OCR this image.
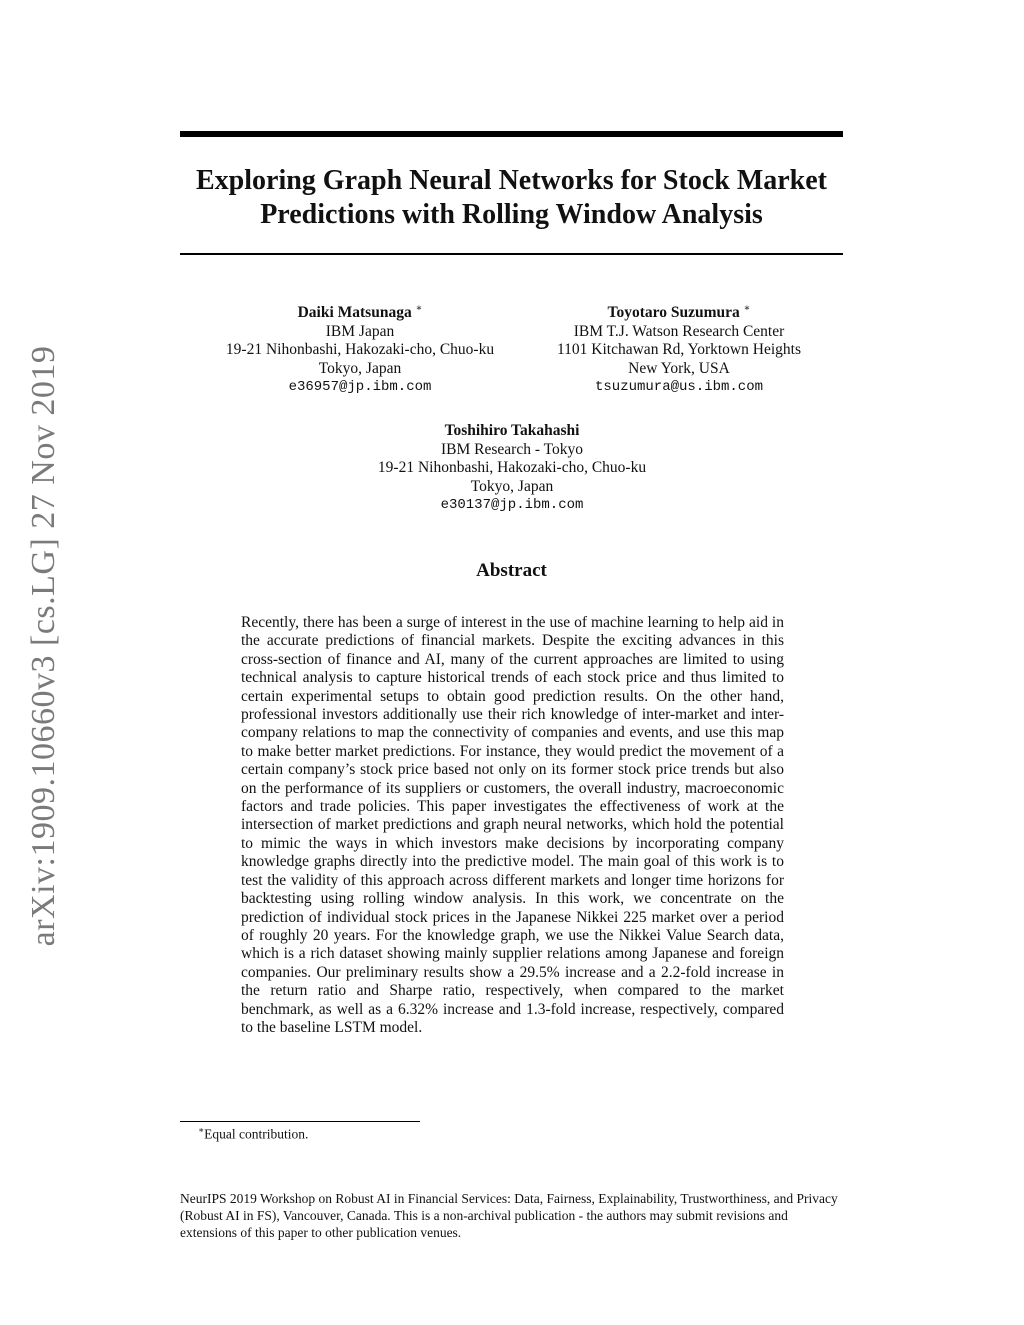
arXiv:1909.10660v3 [cs.LG] 27 Nov 2019
Exploring Graph Neural Networks for Stock Market Predictions with Rolling Window Analysis
Daiki Matsunaga ∗
IBM Japan
19-21 Nihonbashi, Hakozaki-cho, Chuo-ku
Tokyo, Japan
e36957@jp.ibm.com
Toyotaro Suzumura ∗
IBM T.J. Watson Research Center
1101 Kitchawan Rd, Yorktown Heights
New York, USA
tsuzumura@us.ibm.com
Toshihiro Takahashi
IBM Research - Tokyo
19-21 Nihonbashi, Hakozaki-cho, Chuo-ku
Tokyo, Japan
e30137@jp.ibm.com
Abstract
Recently, there has been a surge of interest in the use of machine learning to help aid in the accurate predictions of financial markets. Despite the exciting advances in this cross-section of finance and AI, many of the current approaches are limited to using technical analysis to capture historical trends of each stock price and thus limited to certain experimental setups to obtain good prediction results. On the other hand, professional investors additionally use their rich knowledge of inter-market and inter-company relations to map the connectivity of companies and events, and use this map to make better market predictions. For instance, they would predict the movement of a certain company’s stock price based not only on its former stock price trends but also on the performance of its suppliers or customers, the overall industry, macroeconomic factors and trade policies. This paper investigates the effectiveness of work at the intersection of market predictions and graph neural networks, which hold the potential to mimic the ways in which investors make decisions by incorporating company knowledge graphs directly into the predictive model. The main goal of this work is to test the validity of this approach across different markets and longer time horizons for backtesting using rolling window analysis. In this work, we concentrate on the prediction of individual stock prices in the Japanese Nikkei 225 market over a period of roughly 20 years. For the knowledge graph, we use the Nikkei Value Search data, which is a rich dataset showing mainly supplier relations among Japanese and foreign companies. Our preliminary results show a 29.5% increase and a 2.2-fold increase in the return ratio and Sharpe ratio, respectively, when compared to the market benchmark, as well as a 6.32% increase and 1.3-fold increase, respectively, compared to the baseline LSTM model.
∗Equal contribution.
NeurIPS 2019 Workshop on Robust AI in Financial Services: Data, Fairness, Explainability, Trustworthiness, and Privacy (Robust AI in FS), Vancouver, Canada. This is a non-archival publication - the authors may submit revisions and extensions of this paper to other publication venues.
